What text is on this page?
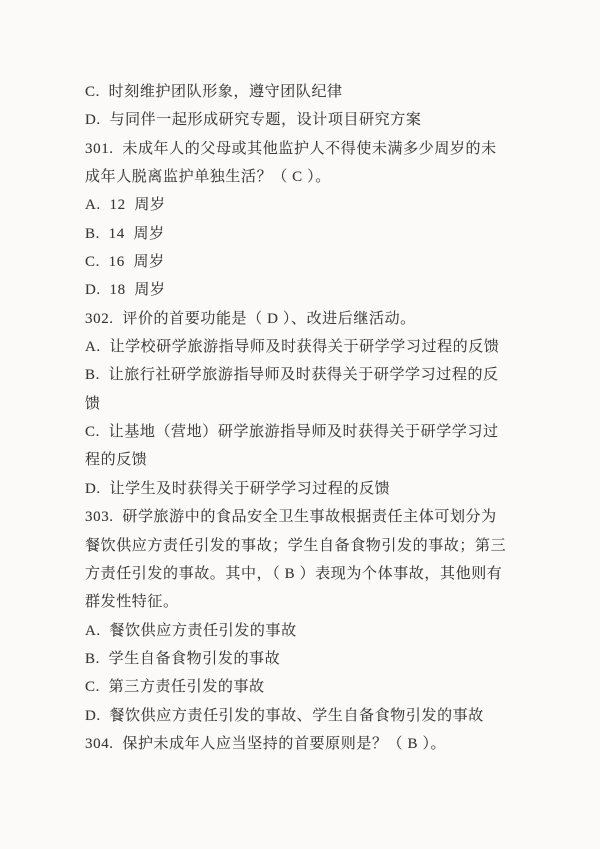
C.  时刻维护团队形象，遵守团队纪律
D.  与同伴一起形成研究专题，设计项目研究方案
301.  未成年人的父母或其他监护人不得使未满多少周岁的未
成年人脱离监护单独生活？（ C ）。
A.  12  周岁
B.  14  周岁
C.  16  周岁
D.  18  周岁
302.  评价的首要功能是（ D ）、改进后继活动。
A.  让学校研学旅游指导师及时获得关于研学学习过程的反馈
B.  让旅行社研学旅游指导师及时获得关于研学学习过程的反
馈
C.  让基地（营地）研学旅游指导师及时获得关于研学学习过
程的反馈
D.  让学生及时获得关于研学学习过程的反馈
303.  研学旅游中的食品安全卫生事故根据责任主体可划分为
餐饮供应方责任引发的事故；学生自备食物引发的事故；第三
方责任引发的事故。其中，（ B ）表现为个体事故，其他则有
群发性特征。
A.  餐饮供应方责任引发的事故
B.  学生自备食物引发的事故
C.  第三方责任引发的事故
D.  餐饮供应方责任引发的事故、学生自备食物引发的事故
304.  保护未成年人应当坚持的首要原则是？（ B ）。
